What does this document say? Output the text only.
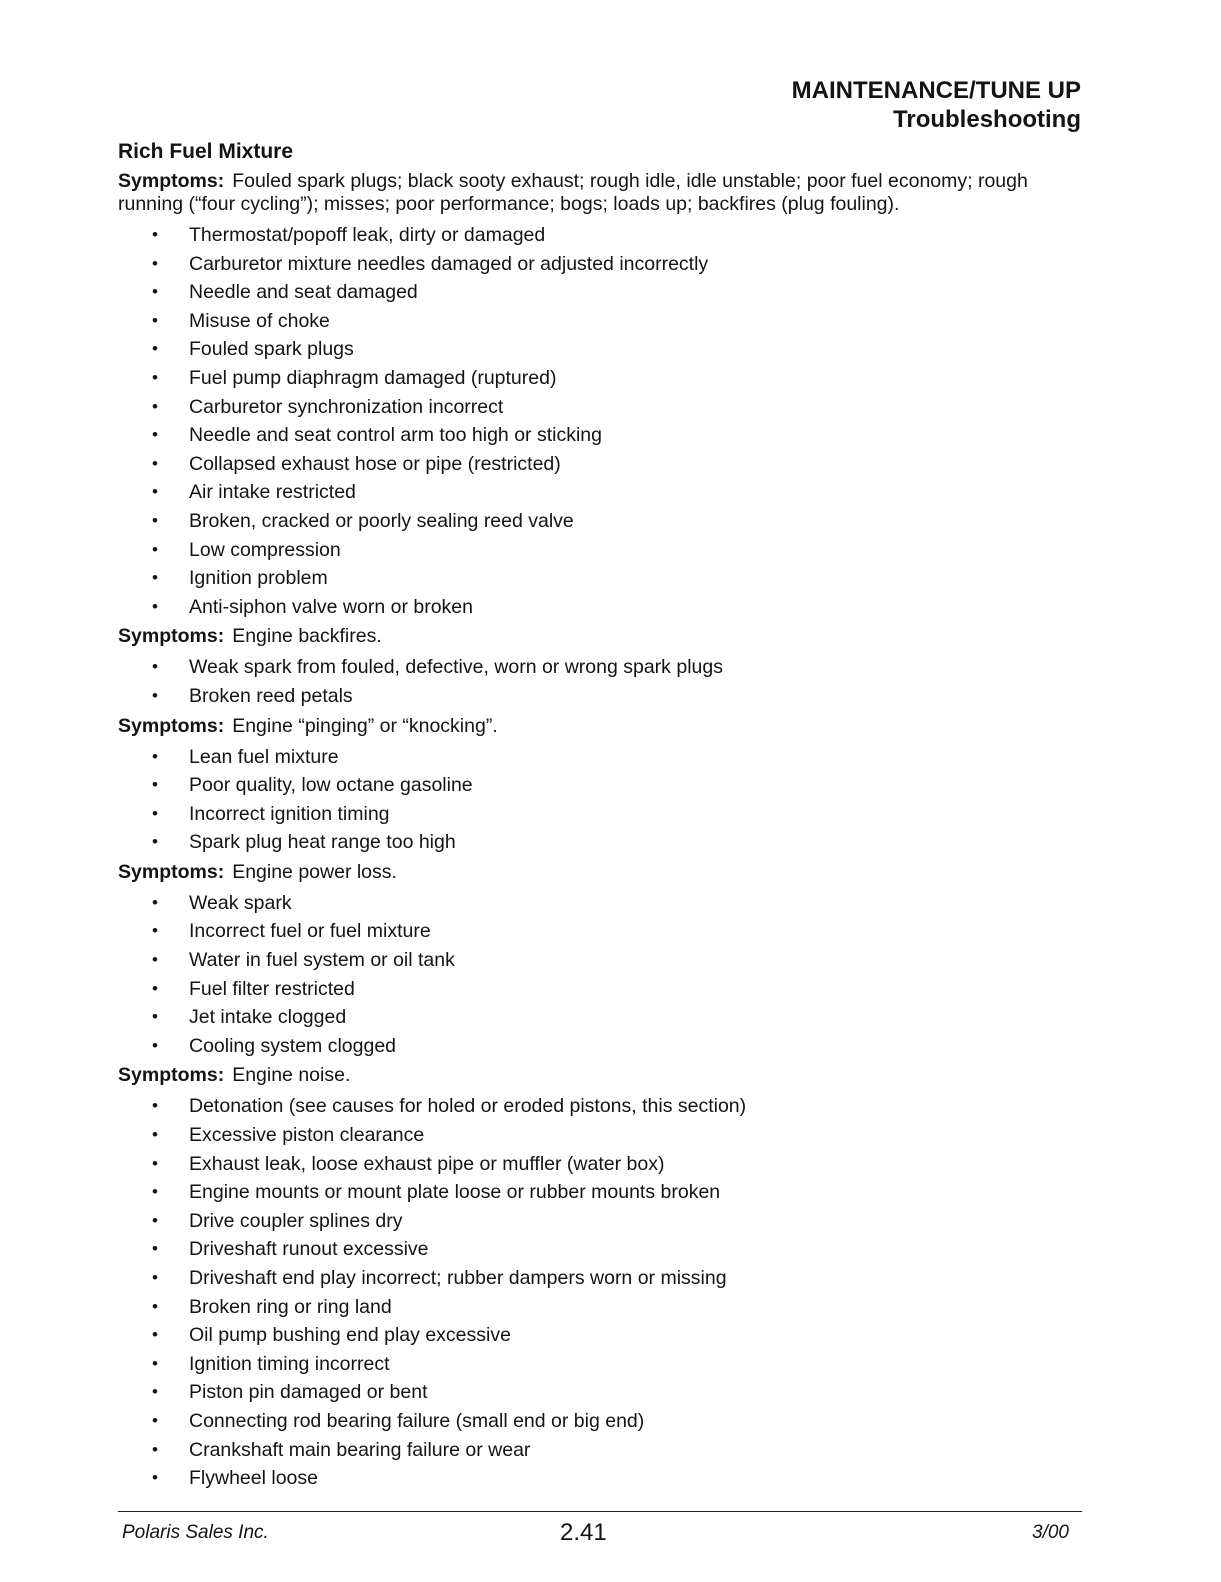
MAINTENANCE/TUNE UP
Troubleshooting
Rich Fuel Mixture

Symptoms: Fouled spark plugs; black sooty exhaust; rough idle, idle unstable; poor fuel economy; rough running (“four cycling”); misses; poor performance; bogs; loads up; backfires (plug fouling).

• Thermostat/popoff leak, dirty or damaged
• Carburetor mixture needles damaged or adjusted incorrectly
• Needle and seat damaged
• Misuse of choke
• Fouled spark plugs
• Fuel pump diaphragm damaged (ruptured)
• Carburetor synchronization incorrect
• Needle and seat control arm too high or sticking
• Collapsed exhaust hose or pipe (restricted)
• Air intake restricted
• Broken, cracked or poorly sealing reed valve
• Low compression
• Ignition problem
• Anti-siphon valve worn or broken

Symptoms: Engine backfires.

• Weak spark from fouled, defective, worn or wrong spark plugs
• Broken reed petals

Symptoms: Engine “pinging” or “knocking”.

• Lean fuel mixture
• Poor quality, low octane gasoline
• Incorrect ignition timing
• Spark plug heat range too high

Symptoms: Engine power loss.

• Weak spark
• Incorrect fuel or fuel mixture
• Water in fuel system or oil tank
• Fuel filter restricted
• Jet intake clogged
• Cooling system clogged

Symptoms: Engine noise.

• Detonation (see causes for holed or eroded pistons, this section)
• Excessive piston clearance
• Exhaust leak, loose exhaust pipe or muffler (water box)
• Engine mounts or mount plate loose or rubber mounts broken
• Drive coupler splines dry
• Driveshaft runout excessive
• Driveshaft end play incorrect; rubber dampers worn or missing
• Broken ring or ring land
• Oil pump bushing end play excessive
• Ignition timing incorrect
• Piston pin damaged or bent
• Connecting rod bearing failure (small end or big end)
• Crankshaft main bearing failure or wear
• Flywheel loose
Polaris Sales Inc.	2.41	3/00
